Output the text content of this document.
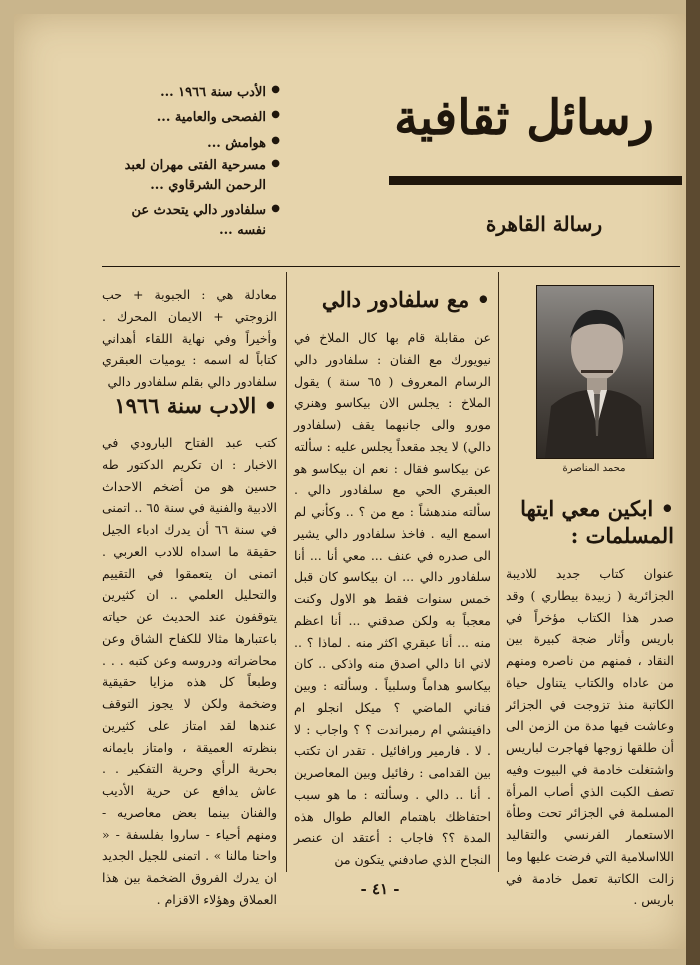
رسائل ثقافية
رسالة القاهرة
● الأدب سنة ١٩٦٦ ...
● الفصحى والعامية ...
● هوامش ...
● مسرحية الفتى مهران لعبد الرحمن الشرقاوي ...
● سلفادور دالي يتحدث عن نفسه ...
محمد المناصرة
• ابكين معي ايتها المسلمات :
عنوان كتاب جديد للاديبة الجزائرية ( زبيدة بيطاري ) وقد صدر هذا الكتاب مؤخراً في باريس وأثار ضجة كبيرة بين النقاد ، فمنهم من ناصره ومنهم من عاداه والكتاب يتناول حياة الكاتبة منذ تزوجت في الجزائر وعاشت فيها مدة من الزمن الى أن طلقها زوجها فهاجرت لباريس واشتغلت خادمة في البيوت وفيه تصف الكبت الذي أصاب المرأة المسلمة في الجزائر تحت وطأة الاستعمار الفرنسي والتقاليد اللااسلامية التي فرضت عليها وما زالت الكاتبة تعمل خادمة في باريس .
• مع سلفادور دالي
عن مقابلة قام بها كال الملاخ في نيويورك مع الفنان : سلفادور دالي الرسام المعروف ( ٦٥ سنة ) يقول الملاخ : يجلس الان بيكاسو وهنري مورو والى جانبهما يقف (سلفادور دالي) لا يجد مقعداً يجلس عليه : سألته عن بيكاسو فقال : نعم ان بيكاسو هو العبقري الحي مع سلفادور دالي . سألته مندهشاً : مع من ؟ .. وكأني لم اسمع اليه . فاخذ سلفادور دالي يشير الى صدره في عنف ... معي أنا ... أنا سلفادور دالي ... ان بيكاسو كان قبل خمس سنوات فقط هو الاول وكنت معجباً به ولكن صدقني ... أنا اعظم منه ... أنا عبقري اكثر منه . لماذا ؟ .. لاني انا دالي اصدق منه واذكى .. كان بيكاسو هداماً وسلبياً . وسألته : وبين فناني الماضي ؟ ميكل انجلو ام دافينشي ام رمبراندت ؟ ؟ واجاب : لا . لا . فارمير ورافائيل . تقدر ان تكتب بين القدامى : رفائيل وبين المعاصرين . أنا .. دالي . وسألته : ما هو سبب احتفاظك باهتمام العالم طوال هذه المدة ؟؟ فاجاب : أعتقد ان عنصر النجاح الذي صادفني يتكون من
معادلة هي : الجبوبة + حب الزوجتي + الايمان المحرك . وأخيراً وفي نهاية اللقاء أهداني كتاباً له اسمه : يوميات العبقري سلفادور دالي بقلم سلفادور دالي
• الادب سنة ١٩٦٦
كتب عبد الفتاح البارودي في الاخبار : ان تكريم الدكتور طه حسين هو من أضخم الاحداث الادبية والفنية في سنة ٦٥ .. اتمنى في سنة ٦٦ أن يدرك ادباء الجيل حقيقة ما اسداه للادب العربي . اتمنى ان يتعمقوا في التقييم والتحليل العلمي .. ان كثيرين يتوقفون عند الحديث عن حياته باعتبارها مثالا للكفاح الشاق وعن محاضراته ودروسه وعن كتبه . . . وطبعاً كل هذه مزايا حقيقية وضخمة ولكن لا يجوز التوقف عندها لقد امتاز على كثيرين بنظرته العميقة ، وامتاز بايمانه بحرية الرأي وحرية التفكير . . عاش يدافع عن حرية الأديب والفنان بينما بعض معاصريه - ومنهم أحياء - ساروا بفلسفة - « واحنا مالنا » . اتمنى للجيل الجديد ان يدرك الفروق الضخمة بين هذا العملاق وهؤلاء الاقزام .
- ٤١ -
